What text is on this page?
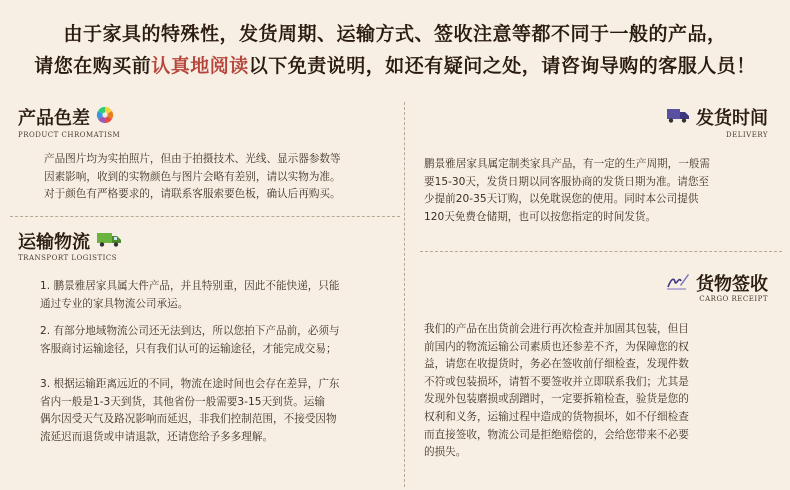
由于家具的特殊性，发货周期、运输方式、签收注意等都不同于一般的产品，
请您在购买前认真地阅读以下免责说明，如还有疑问之处，请咨询导购的客服人员！
产品色差
PRODUCT CHROMATISM

产品图片均为实拍照片，但由于拍摄技术、光线、显示器参数等

因素影响，收到的实物颜色与图片会略有差别，请以实物为准。

对于颜色有严格要求的，请联系客服索要色板，确认后再购买。

运输物流
TRANSPORT LOGISTICS

1. 鹏景雅居家具属大件产品，并且特别重，因此不能快递，只能

通过专业的家具物流公司承运。

2. 有部分地域物流公司还无法到达，所以您拍下产品前，必须与

客服商讨运输途径，只有我们认可的运输途径，才能完成交易；

3. 根据运输距离远近的不同，物流在途时间也会存在差异，广东

省内一般是1-3天到货，其他省份一般需要3-15天到货。运输

偶尔因受天气及路况影响而延迟，非我们控制范围，不接受因物

流延迟而退货或申请退款，还请您给予多多理解。

发货时间
DELIVERY

鹏景雅居家具属定制类家具产品，有一定的生产周期，一般需

要15-30天，发货日期以同客服协商的发货日期为准。请您至

少提前20-35天订购，以免耽误您的使用。同时本公司提供

120天免费仓储期，也可以按您指定的时间发货。

货物签收
CARGO RECEIPT

我们的产品在出货前会进行再次检查并加固其包装，但目

前国内的物流运输公司素质也还参差不齐，为保障您的权

益，请您在收提货时，务必在签收前仔细检查，发现件数

不符或包装损坏，请暂不要签收并立即联系我们；尤其是

发现外包装磨损或刮蹭时，一定要拆箱检查，验货是您的

权利和义务，运输过程中造成的货物损坏，如不仔细检查

而直接签收，物流公司是拒绝赔偿的，会给您带来不必要

的损失。
